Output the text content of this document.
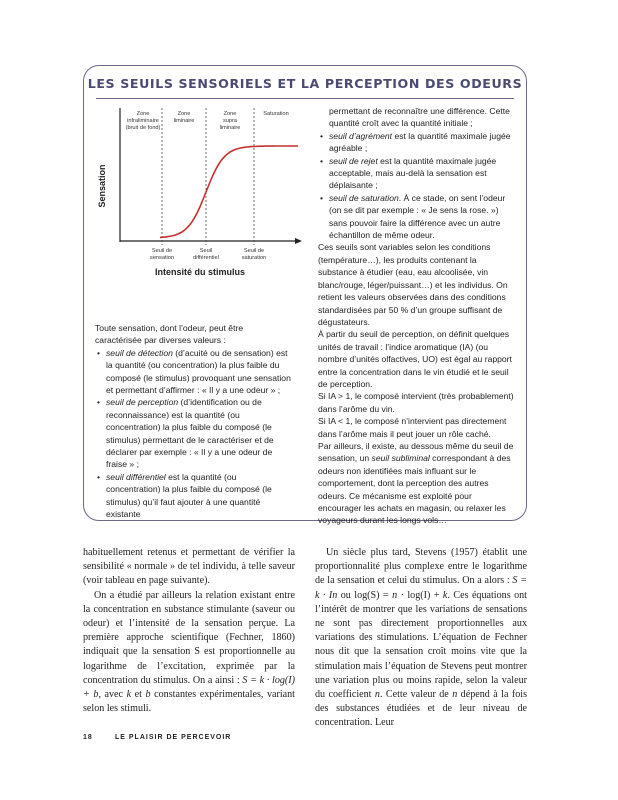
LES SEUILS SENSORIELS ET LA PERCEPTION DES ODEURS
Sensation
Intensité du stimulus
Zone
infraliminaire
(bruit de fond)
Zone
liminaire
Zone
supra
liminaire
Saturation
Seuil de
sensation
Seuil
différentiel
Seuil de
saturation

Toute sensation, dont l’odeur, peut être caractérisée par diverses valeurs :

• seuil de détection (d’acuité ou de sensation) est la quantité (ou concentration) la plus faible du composé (le stimulus) provoquant une sensation et permettant d’affirmer : « Il y a une odeur » ;
• seuil de perception (d’identification ou de reconnaissance) est la quantité (ou concentration) la plus faible du composé (le stimulus) permettant de le caractériser et de déclarer par exemple : « Il y a une odeur de fraise » ;
• seuil différentiel est la quantité (ou concentration) la plus faible du composé (le stimulus) qu’il faut ajouter à une quantité existante

permettant de reconnaître une différence. Cette quantité croît avec la quantité initiale ;

• seuil d’agrément est la quantité maximale jugée agréable ;
• seuil de rejet est la quantité maximale jugée acceptable, mais au-delà la sensation est déplaisante ;
• seuil de saturation. À ce stade, on sent l’odeur (on se dit par exemple : « Je sens la rose. ») sans pouvoir faire la différence avec un autre échantillon de même odeur.

Ces seuils sont variables selon les conditions (température…), les produits contenant la substance à étudier (eau, eau alcoolisée, vin blanc/rouge, léger/puissant…) et les individus. On retient les valeurs observées dans des conditions standardisées par 50 % d’un groupe suffisant de dégustateurs.

À partir du seuil de perception, on définit quelques unités de travail : l’indice aromatique (IA) (ou nombre d’unités olfactives, UO) est égal au rapport entre la concentration dans le vin étudié et le seuil de perception.

Si IA > 1, le composé intervient (très probablement) dans l’arôme du vin.

Si IA < 1, le composé n’intervient pas directement dans l’arôme mais il peut jouer un rôle caché.

Par ailleurs, il existe, au dessous même du seuil de sensation, un seuil subliminal correspondant à des odeurs non identifiées mais influant sur le comportement, dont la perception des autres odeurs. Ce mécanisme est exploité pour encourager les achats en magasin, ou relaxer les voyageurs durant les longs vols…

habituellement retenus et permettant de vérifier la sensibilité « normale » de tel individu, à telle saveur (voir tableau en page suivante).

On a étudié par ailleurs la relation existant entre la concentration en substance stimulante (saveur ou odeur) et l’intensité de la sensation perçue. La première approche scientifique (Fechner, 1860) indiquait que la sensation S est proportionnelle au logarithme de l’excitation, exprimée par la concentration du stimulus. On a ainsi : S = k · log(I) + b, avec k et b constantes expérimentales, variant selon les stimuli.

Un siècle plus tard, Stevens (1957) établit une proportionnalité plus complexe entre le logarithme de la sensation et celui du stimulus. On a alors : S = k · In ou log(S) = n · log(I) + k. Ces équations ont l’intérêt de montrer que les variations de sensations ne sont pas directement proportionnelles aux variations des stimulations. L’équation de Fechner nous dit que la sensation croît moins vite que la stimulation mais l’équation de Stevens peut montrer une variation plus ou moins rapide, selon la valeur du coefficient n. Cette valeur de n dépend à la fois des substances étudiées et de leur niveau de concentration. Leur

18	LE PLAISIR DE PERCEVOIR
